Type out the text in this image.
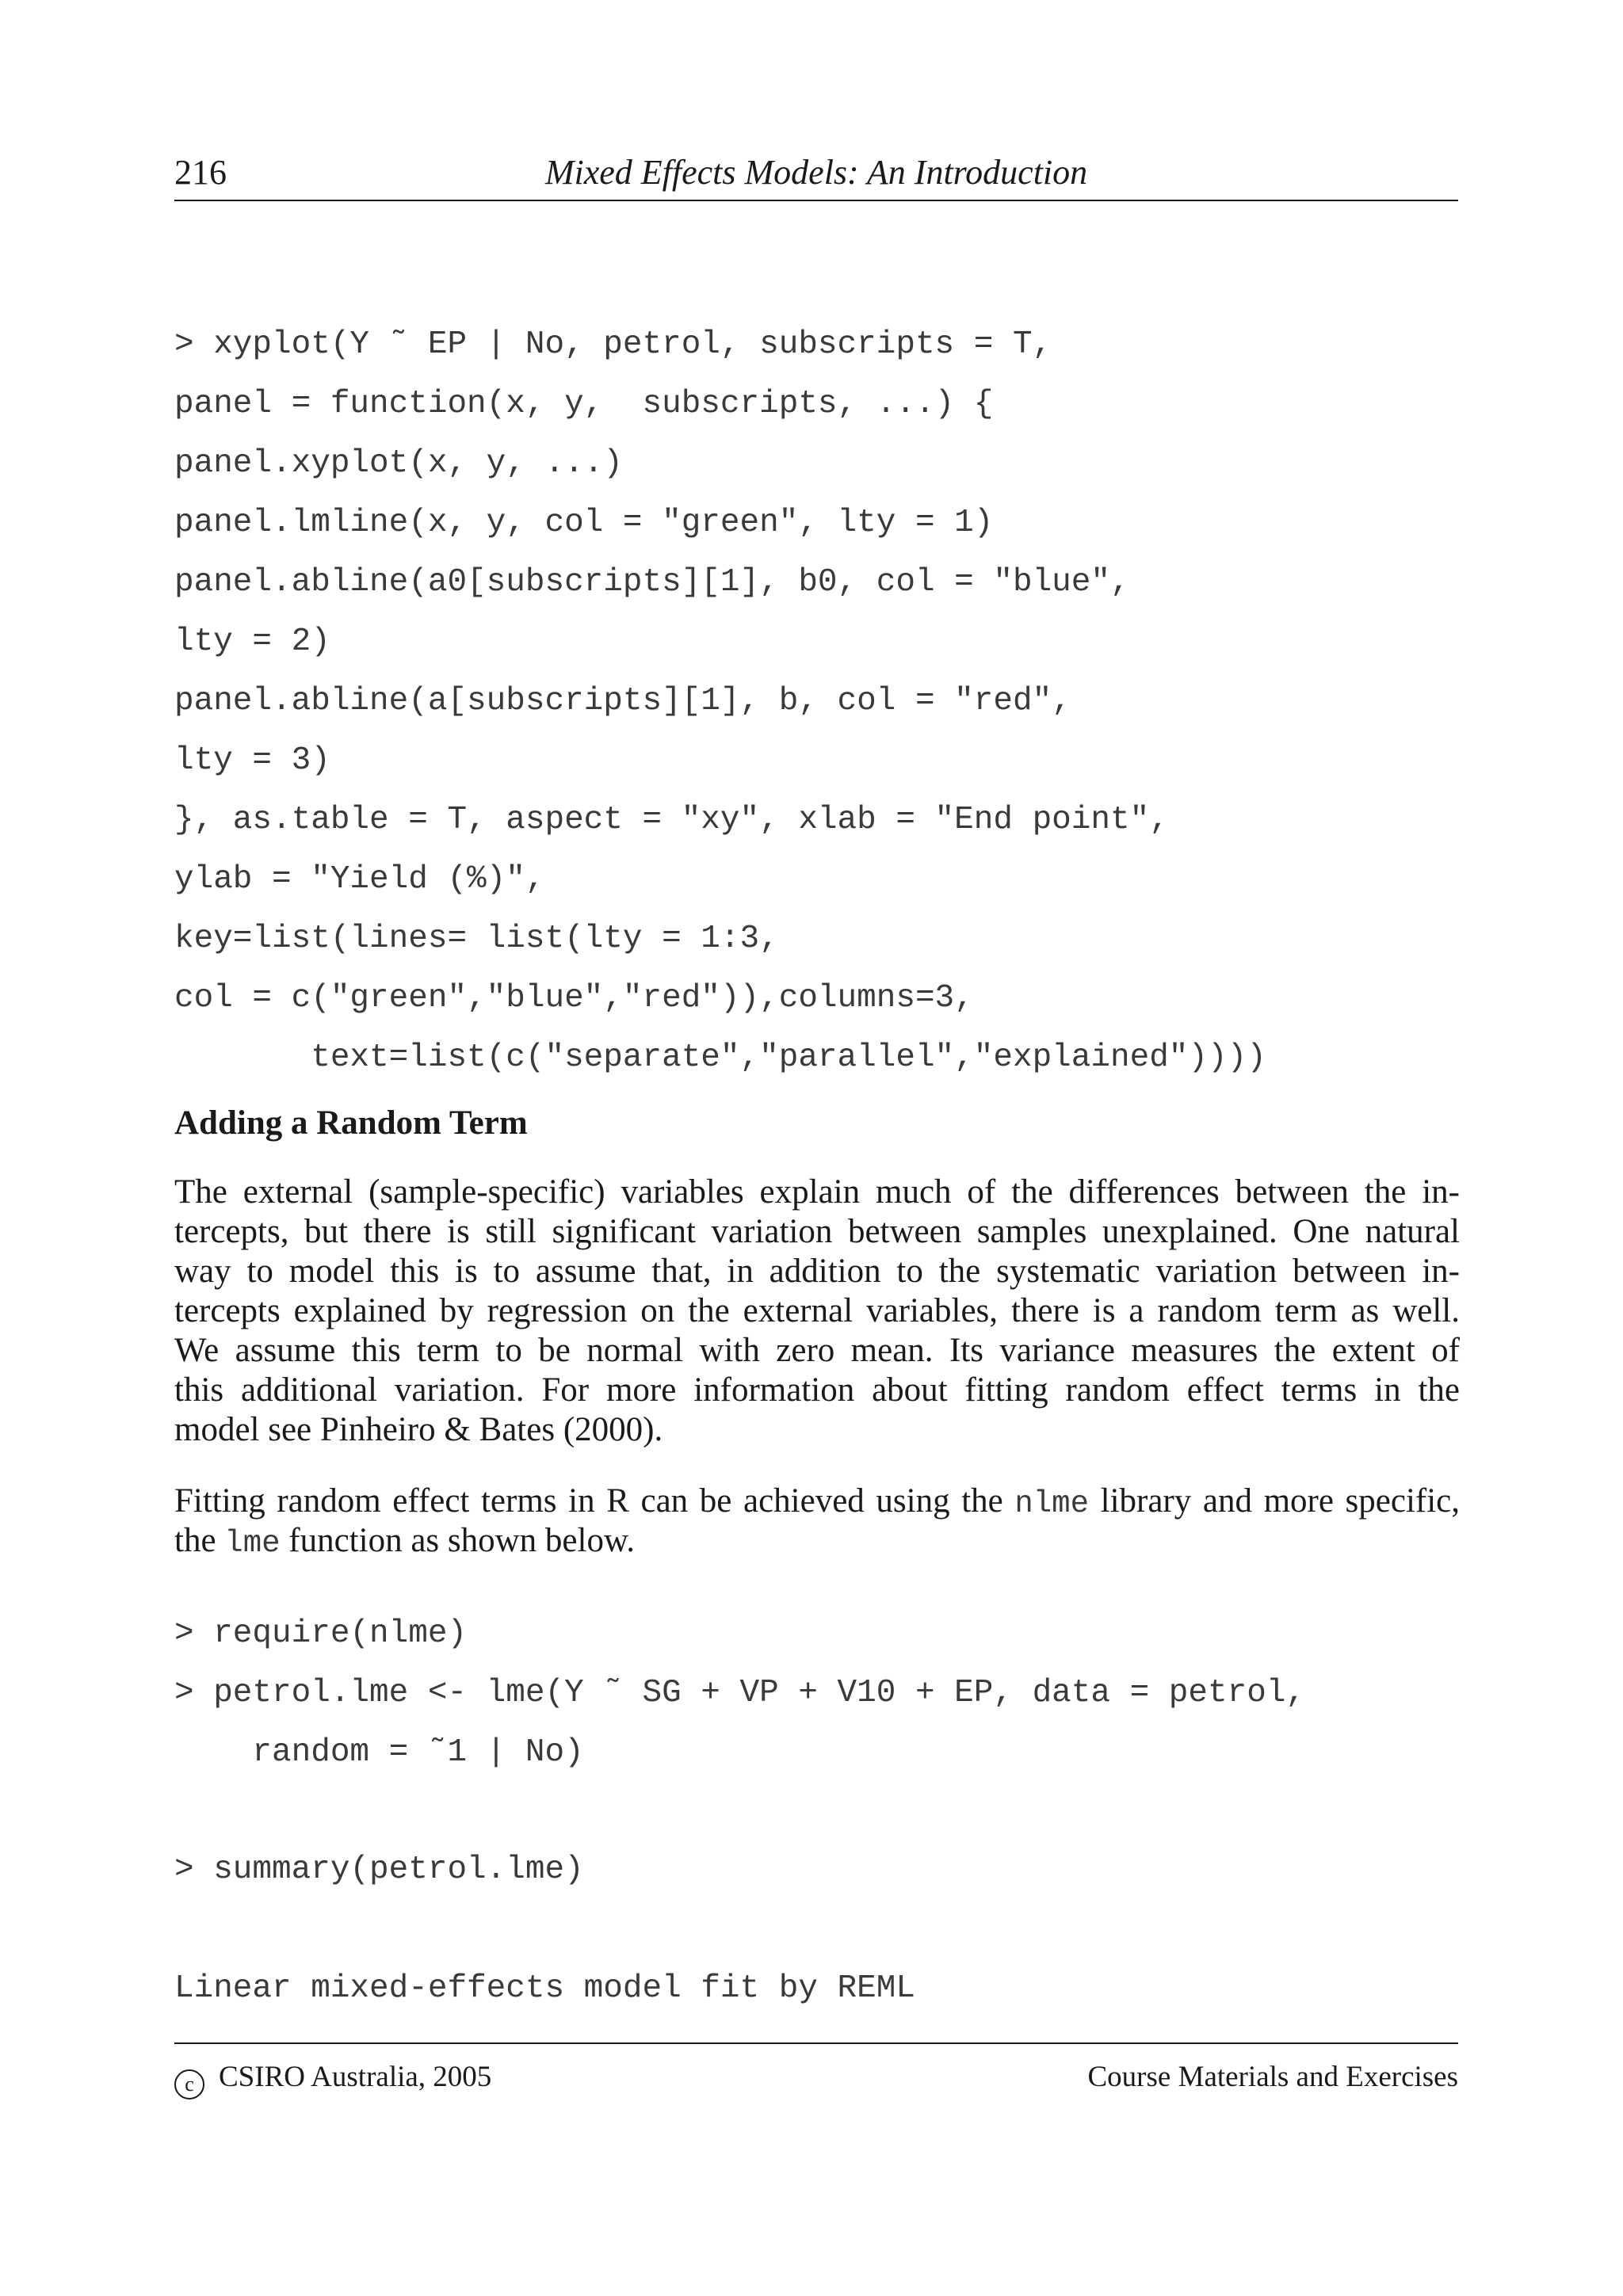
216	Mixed Effects Models: An Introduction
> xyplot(Y ˜ EP | No, petrol, subscripts = T,
panel = function(x, y,  subscripts, ...) {
panel.xyplot(x, y, ...)
panel.lmline(x, y, col = "green", lty = 1)
panel.abline(a0[subscripts][1], b0, col = "blue",
lty = 2)
panel.abline(a[subscripts][1], b, col = "red",
lty = 3)
}, as.table = T, aspect = "xy", xlab = "End point",
ylab = "Yield (%)",
key=list(lines= list(lty = 1:3,
col = c("green","blue","red")),columns=3,
text=list(c("separate","parallel","explained"))))
Adding a Random Term
The external (sample-specific) variables explain much of the differences between the in-
tercepts, but there is still significant variation between samples unexplained. One natural
way to model this is to assume that, in addition to the systematic variation between in-
tercepts explained by regression on the external variables, there is a random term as well.
We assume this term to be normal with zero mean. Its variance measures the extent of
this additional variation. For more information about fitting random effect terms in the
model see Pinheiro & Bates (2000).
Fitting random effect terms in R can be achieved using the nlme library and more specific,
the lme function as shown below.
> require(nlme)
> petrol.lme <- lme(Y ˜ SG + VP + V10 + EP, data = petrol,
random = ˜1 | No)
> summary(petrol.lme)
Linear mixed-effects model fit by REML
c CSIRO Australia, 2005	Course Materials and Exercises
